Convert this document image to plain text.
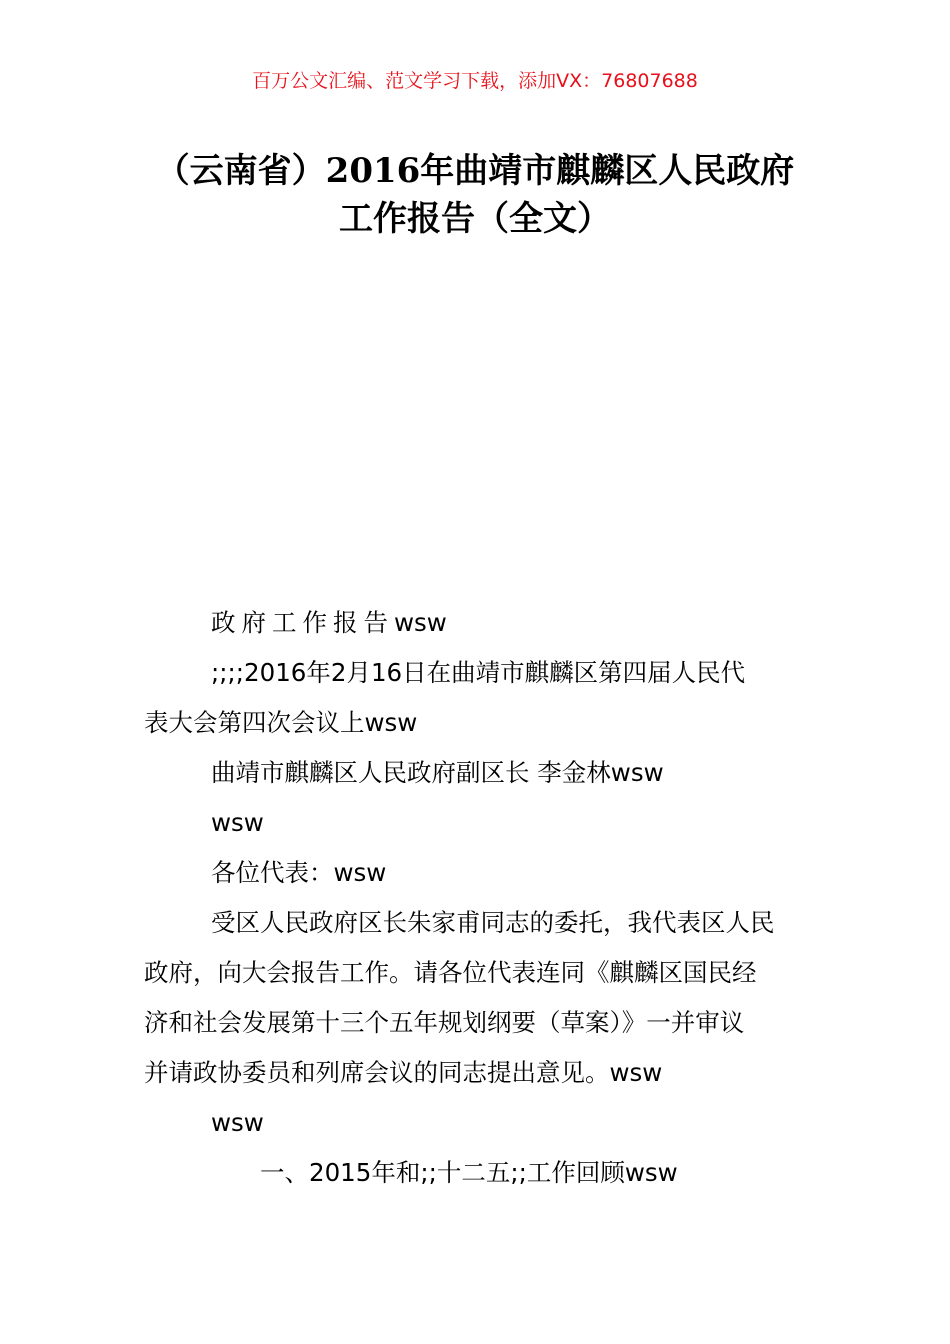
百万公文汇编、范文学习下载，添加VX：76807688
（云南省）2016年曲靖市麒麟区人民政府
工作报告（全文）
政府工作报告wsw
;;;;2016年2月16日在曲靖市麒麟区第四届人民代
表大会第四次会议上wsw
曲靖市麒麟区人民政府副区长 李金林wsw
wsw
各位代表：wsw
受区人民政府区长朱家甫同志的委托，我代表区人民
政府，向大会报告工作。请各位代表连同《麒麟区国民经
济和社会发展第十三个五年规划纲要（草案）》一并审议
并请政协委员和列席会议的同志提出意见。wsw
wsw
一、2015年和;;十二五;;工作回顾wsw
